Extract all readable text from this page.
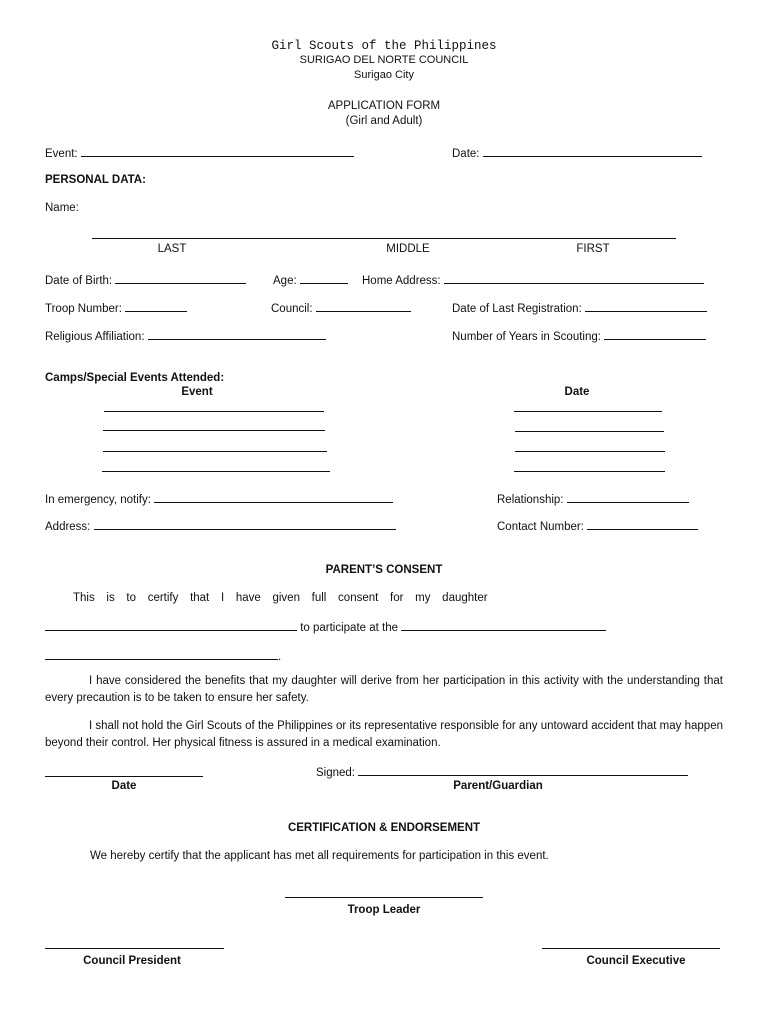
Girl Scouts of the Philippines
SURIGAO DEL NORTE COUNCIL
Surigao City
APPLICATION FORM
(Girl and Adult)
Event:	Date:
PERSONAL DATA:
Name:
LAST	MIDDLE	FIRST
Date of Birth:	Age:	Home Address:
Troop Number:	Council:	Date of Last Registration:
Religious Affiliation:	Number of Years in Scouting:
Camps/Special Events Attended:
Event	Date
In emergency, notify:	Relationship:
Address:	Contact Number:
PARENT’S CONSENT
This is to certify that I have given full consent for my daughter
to participate at the
.
I have considered the benefits that my daughter will derive from her participation in this activity with the understanding that every precaution is to be taken to ensure her safety.
I shall not hold the Girl Scouts of the Philippines or its representative responsible for any untoward accident that may happen beyond their control. Her physical fitness is assured in a medical examination.
Signed:
Date	Parent/Guardian
CERTIFICATION & ENDORSEMENT
We hereby certify that the applicant has met all requirements for participation in this event.
Troop Leader
Council President	Council Executive
